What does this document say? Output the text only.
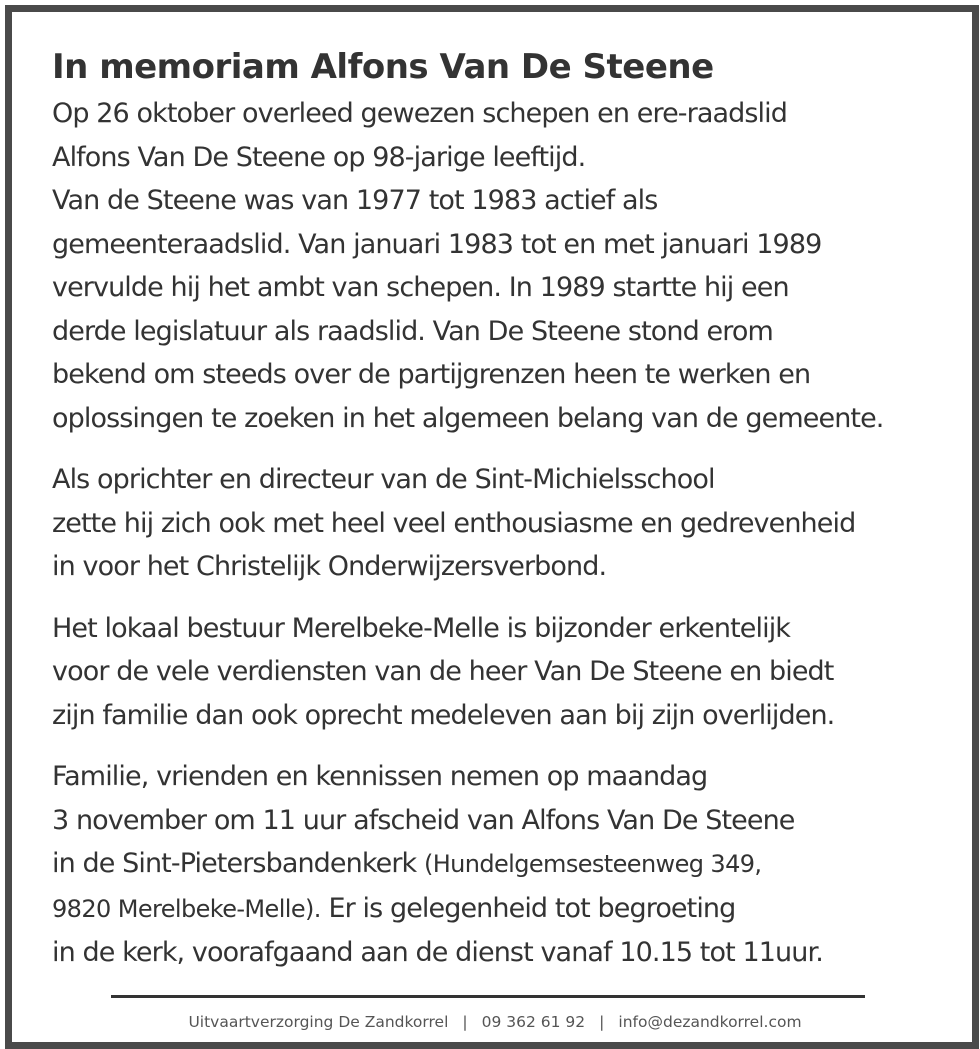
In memoriam Alfons Van De Steene

Op 26 oktober overleed gewezen schepen en ere-raadslid
Alfons Van De Steene op 98-jarige leeftijd.
Van de Steene was van 1977 tot 1983 actief als
gemeenteraadslid. Van januari 1983 tot en met januari 1989
vervulde hij het ambt van schepen. In 1989 startte hij een
derde legislatuur als raadslid. Van De Steene stond erom
bekend om steeds over de partijgrenzen heen te werken en
oplossingen te zoeken in het algemeen belang van de gemeente.

Als oprichter en directeur van de Sint-Michielsschool
zette hij zich ook met heel veel enthousiasme en gedrevenheid
in voor het Christelijk Onderwijzersverbond.

Het lokaal bestuur Merelbeke-Melle is bijzonder erkentelijk
voor de vele verdiensten van de heer Van De Steene en biedt
zijn familie dan ook oprecht medeleven aan bij zijn overlijden.

Familie, vrienden en kennissen nemen op maandag
3 november om 11 uur afscheid van Alfons Van De Steene
in de Sint-Pietersbandenkerk (Hundelgemsesteenweg 349,
9820 Merelbeke-Melle). Er is gelegenheid tot begroeting
in de kerk, voorafgaand aan de dienst vanaf 10.15 tot 11uur.

Uitvaartverzorging De Zandkorrel | 09 362 61 92 | info@dezandkorrel.com
